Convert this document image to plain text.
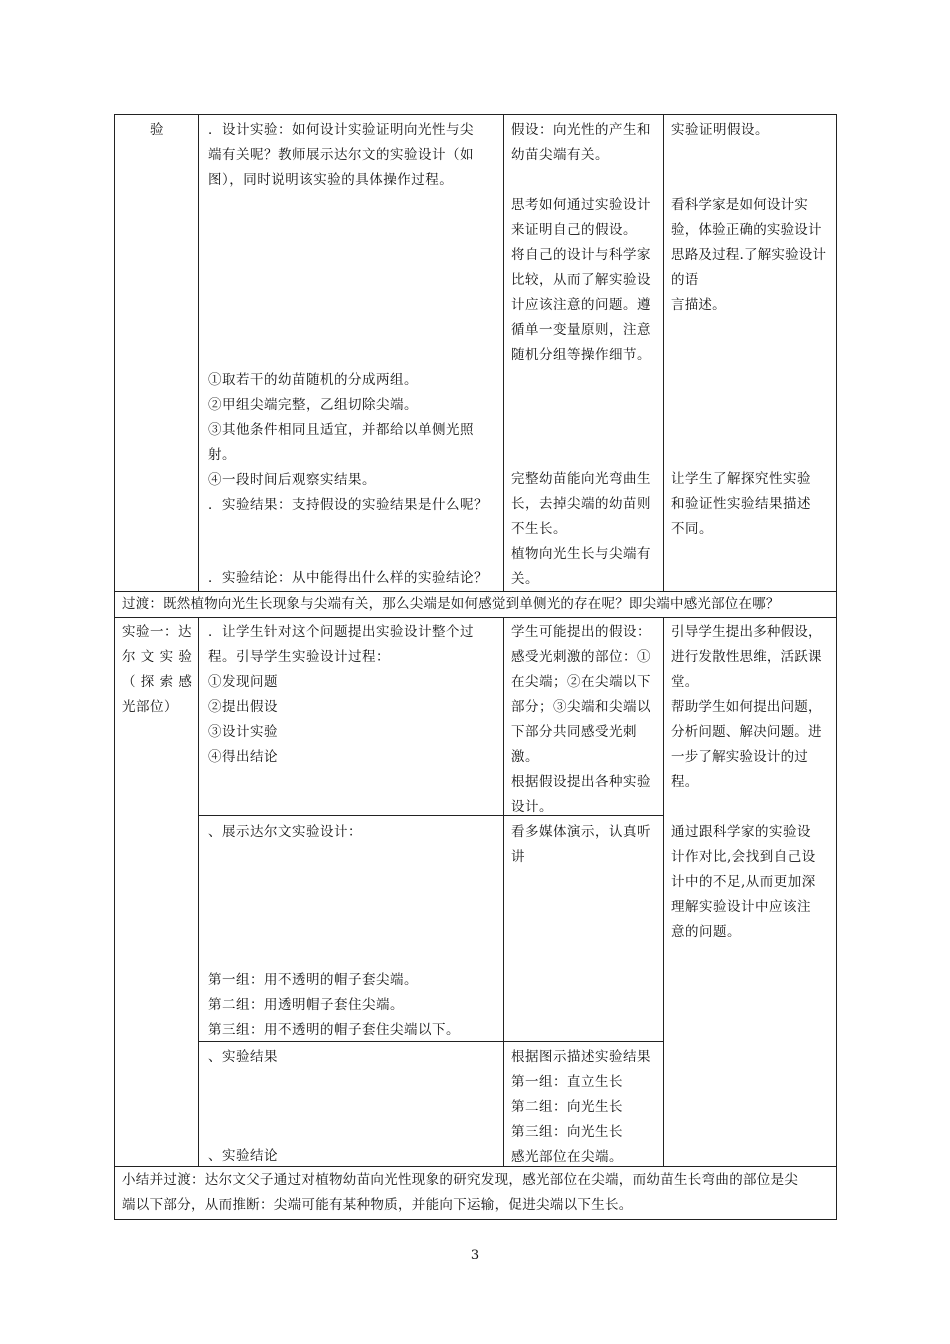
验	．设计实验：如何设计实验证明向光性与尖
端有关呢？教师展示达尔文的实验设计（如
图），同时说明该实验的具体操作过程。
①取若干的幼苗随机的分成两组。
②甲组尖端完整，乙组切除尖端。
③其他条件相同且适宜，并都给以单侧光照
射。
④一段时间后观察实结果。
．实验结果：支持假设的实验结果是什么呢？
．实验结论：从中能得出什么样的实验结论？
假设：向光性的产生和
幼苗尖端有关。
思考如何通过实验设计
来证明自己的假设。
将自己的设计与科学家
比较，从而了解实验设
计应该注意的问题。遵
循单一变量原则，注意
随机分组等操作细节。
完整幼苗能向光弯曲生
长，去掉尖端的幼苗则
不生长。
植物向光生长与尖端有
关。
实验证明假设。
看科学家是如何设计实
验，体验正确的实验设计
思路及过程.了解实验设计
的语
言描述。
让学生了解探究性实验
和验证性实验结果描述
不同。
过渡：既然植物向光生长现象与尖端有关，那么尖端是如何感觉到单侧光的存在呢？即尖端中感光部位在哪？
实验一：达
尔 文 实 验
（ 探 索 感
光部位）
．让学生针对这个问题提出实验设计整个过
程。引导学生实验设计过程：
①发现问题
②提出假设
③设计实验
④得出结论
、展示达尔文实验设计：
第一组：用不透明的帽子套尖端。
第二组：用透明帽子套住尖端。
第三组：用不透明的帽子套住尖端以下。
、实验结果
、实验结论
学生可能提出的假设：
感受光刺激的部位：①
在尖端；②在尖端以下
部分；③尖端和尖端以
下部分共同感受光刺
激。
根据假设提出各种实验
设计。
看多媒体演示，认真听
讲
根据图示描述实验结果
第一组：直立生长
第二组：向光生长
第三组：向光生长
感光部位在尖端。
引导学生提出多种假设，
进行发散性思维，活跃课
堂。
帮助学生如何提出问题，
分析问题、解决问题。进
一步了解实验设计的过
程。
通过跟科学家的实验设
计作对比,会找到自己设
计中的不足,从而更加深
理解实验设计中应该注
意的问题。
小结并过渡：达尔文父子通过对植物幼苗向光性现象的研究发现，感光部位在尖端，而幼苗生长弯曲的部位是尖
端以下部分，从而推断：尖端可能有某种物质，并能向下运输，促进尖端以下生长。
3
